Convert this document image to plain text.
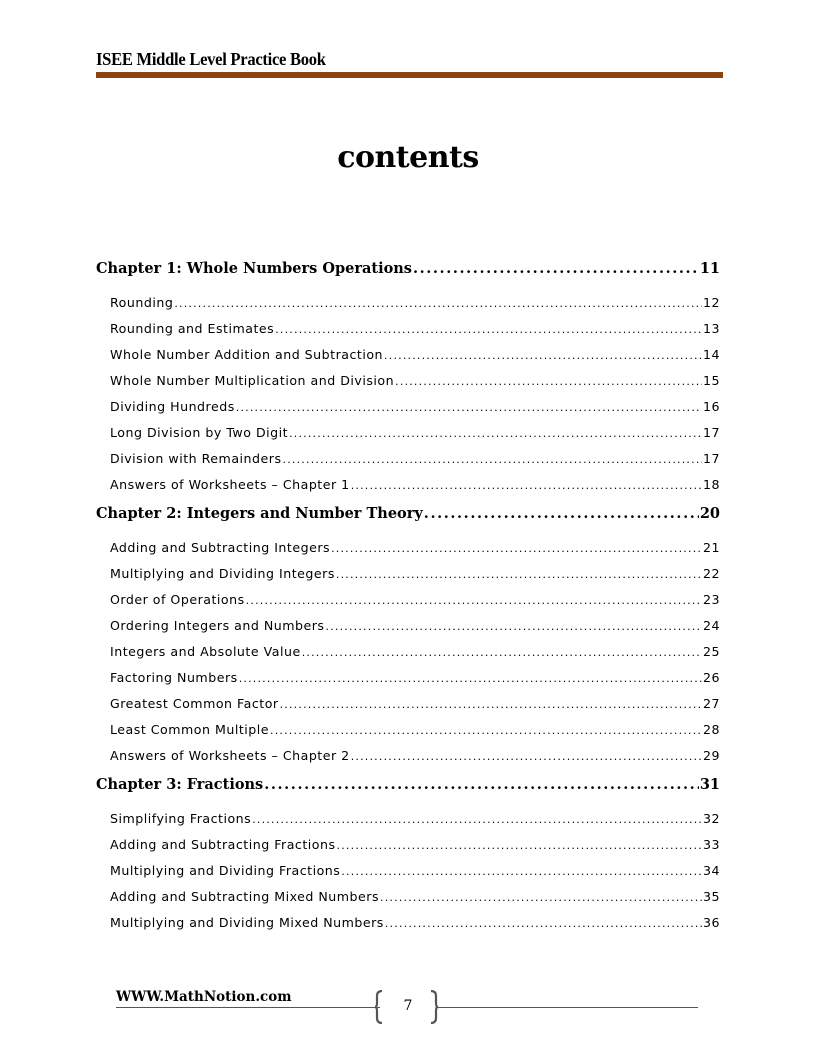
ISEE Middle Level Practice Book
contents
Chapter 1: Whole Numbers Operations .....	11
Rounding .....	12
Rounding and Estimates .....	13
Whole Number Addition and Subtraction .....	14
Whole Number Multiplication and Division .....	15
Dividing Hundreds .....	16
Long Division by Two Digit .....	17
Division with Remainders .....	17
Answers of Worksheets – Chapter 1 .....	18
Chapter 2: Integers and Number Theory .....	20
Adding and Subtracting Integers .....	21
Multiplying and Dividing Integers .....	22
Order of Operations .....	23
Ordering Integers and Numbers .....	24
Integers and Absolute Value .....	25
Factoring Numbers .....	26
Greatest Common Factor .....	27
Least Common Multiple .....	28
Answers of Worksheets – Chapter 2 .....	29
Chapter 3: Fractions .....	31
Simplifying Fractions .....	32
Adding and Subtracting Fractions .....	33
Multiplying and Dividing Fractions .....	34
Adding and Subtracting Mixed Numbers .....	35
Multiplying and Dividing Mixed Numbers .....	36
WWW.MathNotion.com
7
